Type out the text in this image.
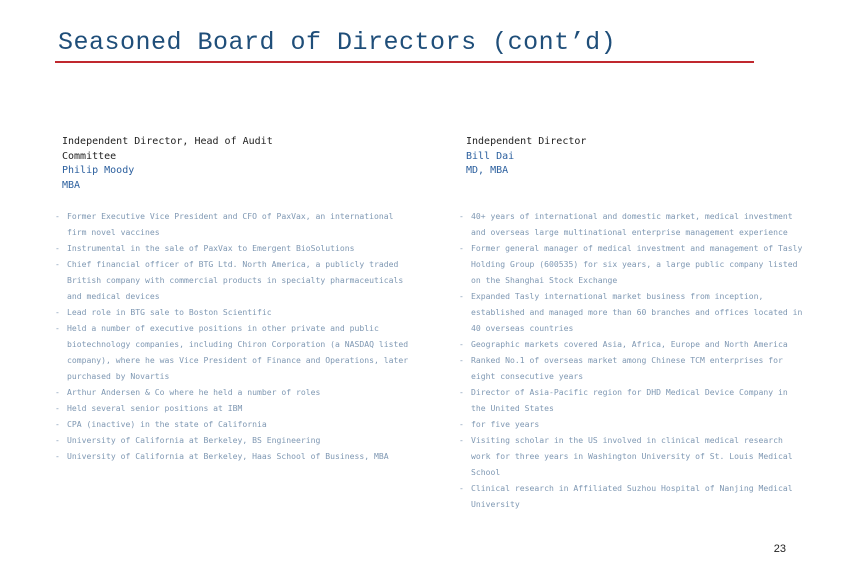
Seasoned Board of Directors (cont’d)
Independent Director, Head of Audit
Committee
Philip Moody
MBA
- Former Executive Vice President and CFO of PaxVax, an international firm novel vaccines
- Instrumental in the sale of PaxVax to Emergent BioSolutions
- Chief financial officer of BTG Ltd. North America, a publicly traded British company with commercial products in specialty pharmaceuticals and medical devices
- Lead role in BTG sale to Boston Scientific
- Held a number of executive positions in other private and public biotechnology companies, including Chiron Corporation (a NASDAQ listed company), where he was Vice President of Finance and Operations, later purchased by Novartis
- Arthur Andersen & Co where he held a number of roles
- Held several senior positions at IBM
- CPA (inactive) in the state of California
- University of California at Berkeley, BS Engineering
- University of California at Berkeley, Haas School of Business, MBA
Independent Director
Bill Dai
MD, MBA
- 40+ years of international and domestic market, medical investment and overseas large multinational enterprise management experience
- Former general manager of medical investment and management of Tasly Holding Group (600535) for six years, a large public company listed on the Shanghai Stock Exchange
- Expanded Tasly international market business from inception, established and managed more than 60 branches and offices located in 40 overseas countries
- Geographic markets covered Asia, Africa, Europe and North America
- Ranked No.1 of overseas market among Chinese TCM enterprises for eight consecutive years
- Director of Asia-Pacific region for DHD Medical Device Company in the United States
- for five years
- Visiting scholar in the US involved in clinical medical research work for three years in Washington University of St. Louis Medical School
- Clinical research in Affiliated Suzhou Hospital of Nanjing Medical University
23
